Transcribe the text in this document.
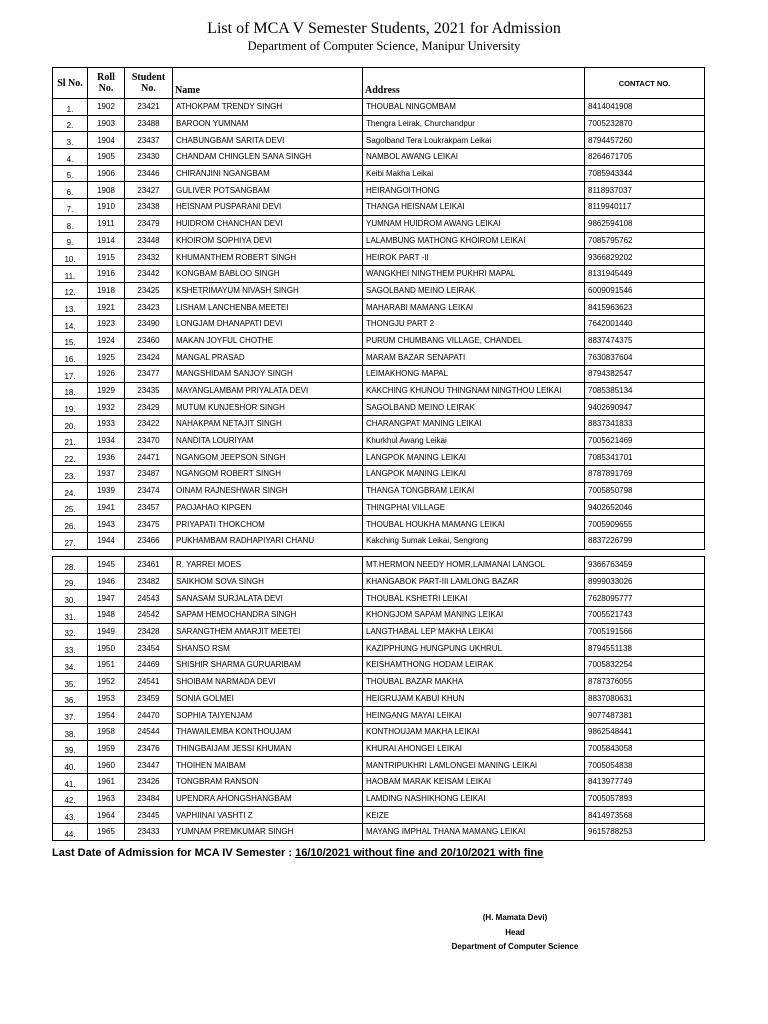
List of MCA V Semester Students, 2021 for Admission
Department of Computer Science, Manipur University
Sl No.	Roll No.	Student No.	Name	Address	CONTACT NO.
1.	1902	23421	ATHOKPAM TRENDY SINGH	THOUBAL NINGOMBAM	8414041908
2.	1903	23488	BAROON YUMNAM	Thengra Leirak, Churchandpur	7005232870
3.	1904	23437	CHABUNGBAM SARITA DEVI	Sagolband Tera Loukrakpam Leikai	8794457260
4.	1905	23430	CHANDAM CHINGLEN SANA SINGH	NAMBOL AWANG LEIKAI	8264671705
5.	1906	23446	CHIRANJINI NGANGBAM	Keibi Makha Leikai	7085943344
6.	1908	23427	GULIVER POTSANGBAM	HEIRANGOITHONG	8118937037
7.	1910	23438	HEISNAM PUSPARANI DEVI	THANGA HEISNAM LEIKAI	8119940117
8.	1911	23479	HUIDROM CHANCHAN DEVI	YUMNAM HUIDROM AWANG LEIKAI	9862594108
9.	1914	23448	KHOIROM SOPHIYA DEVI	LALAMBUNG MATHONG KHOIROM LEIKAI	7085795762
10.	1915	23432	KHUMANTHEM ROBERT SINGH	HEIROK PART -II	9366829202
11.	1916	23442	KONGBAM BABLOO SINGH	WANGKHEI NINGTHEM PUKHRI MAPAL	8131945449
12.	1918	23425	KSHETRIMAYUM NIVASH SINGH	SAGOLBAND MEINO LEIRAK	6009091546
13.	1921	23423	LISHAM LANCHENBA MEETEI	MAHARABI MAMANG LEIKAI	8415963623
14.	1923	23490	LONGJAM DHANAPATI DEVI	THONGJU PART 2	7642001440
15.	1924	23460	MAKAN JOYFUL CHOTHE	PURUM CHUMBANG VILLAGE, CHANDEL	8837474375
16.	1925	23424	MANGAL PRASAD	MARAM BAZAR SENAPATI	7630837604
17.	1926	23477	MANGSHIDAM SANJOY SINGH	LEIMAKHONG MAPAL	8794382547
18.	1929	23435	MAYANGLAMBAM PRIYALATA DEVI	KAKCHING KHUNOU THINGNAM NINGTHOU LEIKAI	7085385134
19.	1932	23429	MUTUM KUNJESHOR SINGH	SAGOLBAND MEINO LEIRAK	9402690947
20.	1933	23422	NAHAKPAM NETAJIT SINGH	CHARANGPAT MANING LEIKAI	8837341833
21.	1934	23470	NANDITA LOURIYAM	Khurkhul Awang Leikai	7005621469
22.	1936	24471	NGANGOM JEEPSON SINGH	LANGPOK MANING LEIKAI	7085341701
23.	1937	23487	NGANGOM ROBERT SINGH	LANGPOK MANING LEIKAI	8787891769
24.	1939	23474	OINAM RAJNESHWAR SINGH	THANGA TONGBRAM LEIKAI	7005850798
25.	1941	23457	PAOJAHAO KIPGEN	THINGPHAI VILLAGE	9402652046
26.	1943	23475	PRIYAPATI THOKCHOM	THOUBAL HOUKHA MAMANG LEIKAI	7005909655
27.	1944	23466	PUKHAMBAM RADHAPIYARI CHANU	Kakching Sumak Leikai, Sengrong	8837226799
28.	1945	23461	R. YARREI MOES	MT.HERMON NEEDY HOMR,LAIMANAI LANGOL	9366763459
29.	1946	23482	SAIKHOM SOVA SINGH	KHANGABOK PART-III LAMLONG BAZAR	8999033026
30.	1947	24543	SANASAM SURJALATA DEVI	THOUBAL KSHETRI LEIKAI	7628095777
31.	1948	24542	SAPAM HEMOCHANDRA SINGH	KHONGJOM SAPAM MANING LEIKAI	7005521743
32.	1949	23428	SARANGTHEM AMARJIT MEETEI	LANGTHABAL LEP MAKHA LEIKAI	7005191566
33.	1950	23454	SHANSO RSM	KAZIPPHUNG HUNGPUNG UKHRUL	8794551138
34.	1951	24469	SHISHIR SHARMA GURUARIBAM	KEISHAMTHONG HODAM LEIRAK	7005832254
35.	1952	24541	SHOIBAM NARMADA DEVI	THOUBAL BAZAR MAKHA	8787376055
36.	1953	23459	SONIA GOLMEI	HEIGRUJAM KABUI KHUN	8837080631
37.	1954	24470	SOPHIA TAIYENJAM	HEINGANG MAYAI LEIKAI	9077487381
38.	1958	24544	THAWAILEMBA KONTHOUJAM	KONTHOUJAM MAKHA LEIKAI	9862548441
39.	1959	23476	THINGBAIJAM JESSI KHUMAN	KHURAI AHONGEI LEIKAI	7005843058
40.	1960	23447	THOIHEN MAIBAM	MANTRIPUKHRI LAMLONGEI MANING LEIKAI	7005054838
41.	1961	23426	TONGBRAM RANSON	HAOBAM MARAK KEISAM LEIKAI	8413977749
42.	1963	23484	UPENDRA AHONGSHANGBAM	LAMDING NASHIKHONG LEIKAI	7005057893
43.	1964	23445	VAPHIINAI VASHTI Z	KEIZE	8414973568
44.	1965	23433	YUMNAM PREMKUMAR SINGH	MAYANG IMPHAL THANA MAMANG LEIKAI	9615788253
Last Date of Admission for MCA IV Semester : 16/10/2021 without fine and 20/10/2021 with fine
(H. Mamata Devi)
Head
Department of Computer Science
